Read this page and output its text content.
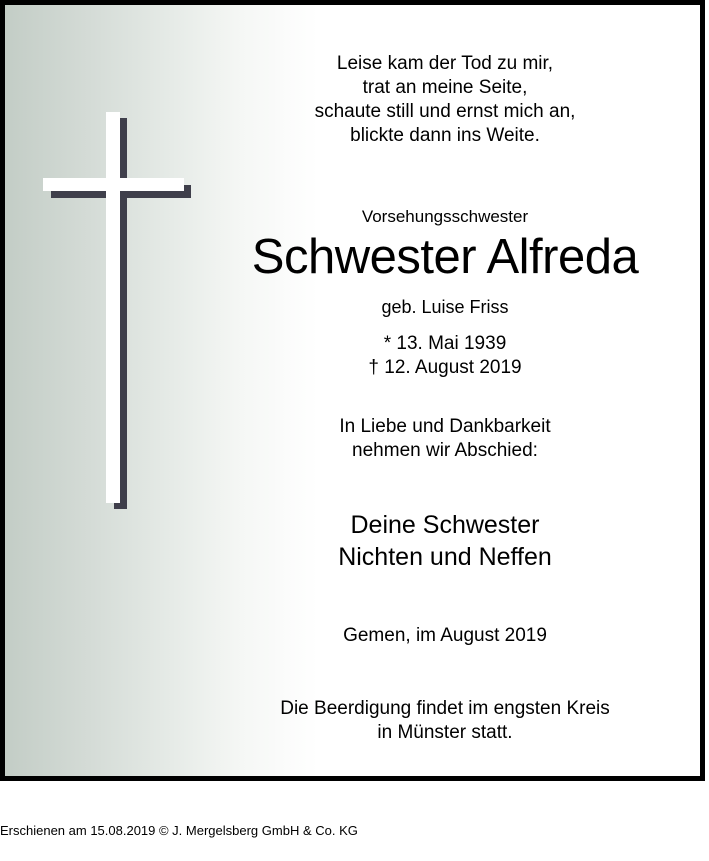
Leise kam der Tod zu mir,
trat an meine Seite,
schaute still und ernst mich an,
blickte dann ins Weite.
Vorsehungsschwester
Schwester Alfreda
geb. Luise Friss
* 13. Mai 1939
† 12. August 2019
In Liebe und Dankbarkeit
nehmen wir Abschied:
Deine Schwester
Nichten und Neffen
Gemen, im August 2019
Die Beerdigung findet im engsten Kreis
in Münster statt.
Erschienen am 15.08.2019 © J. Mergelsberg GmbH & Co. KG
